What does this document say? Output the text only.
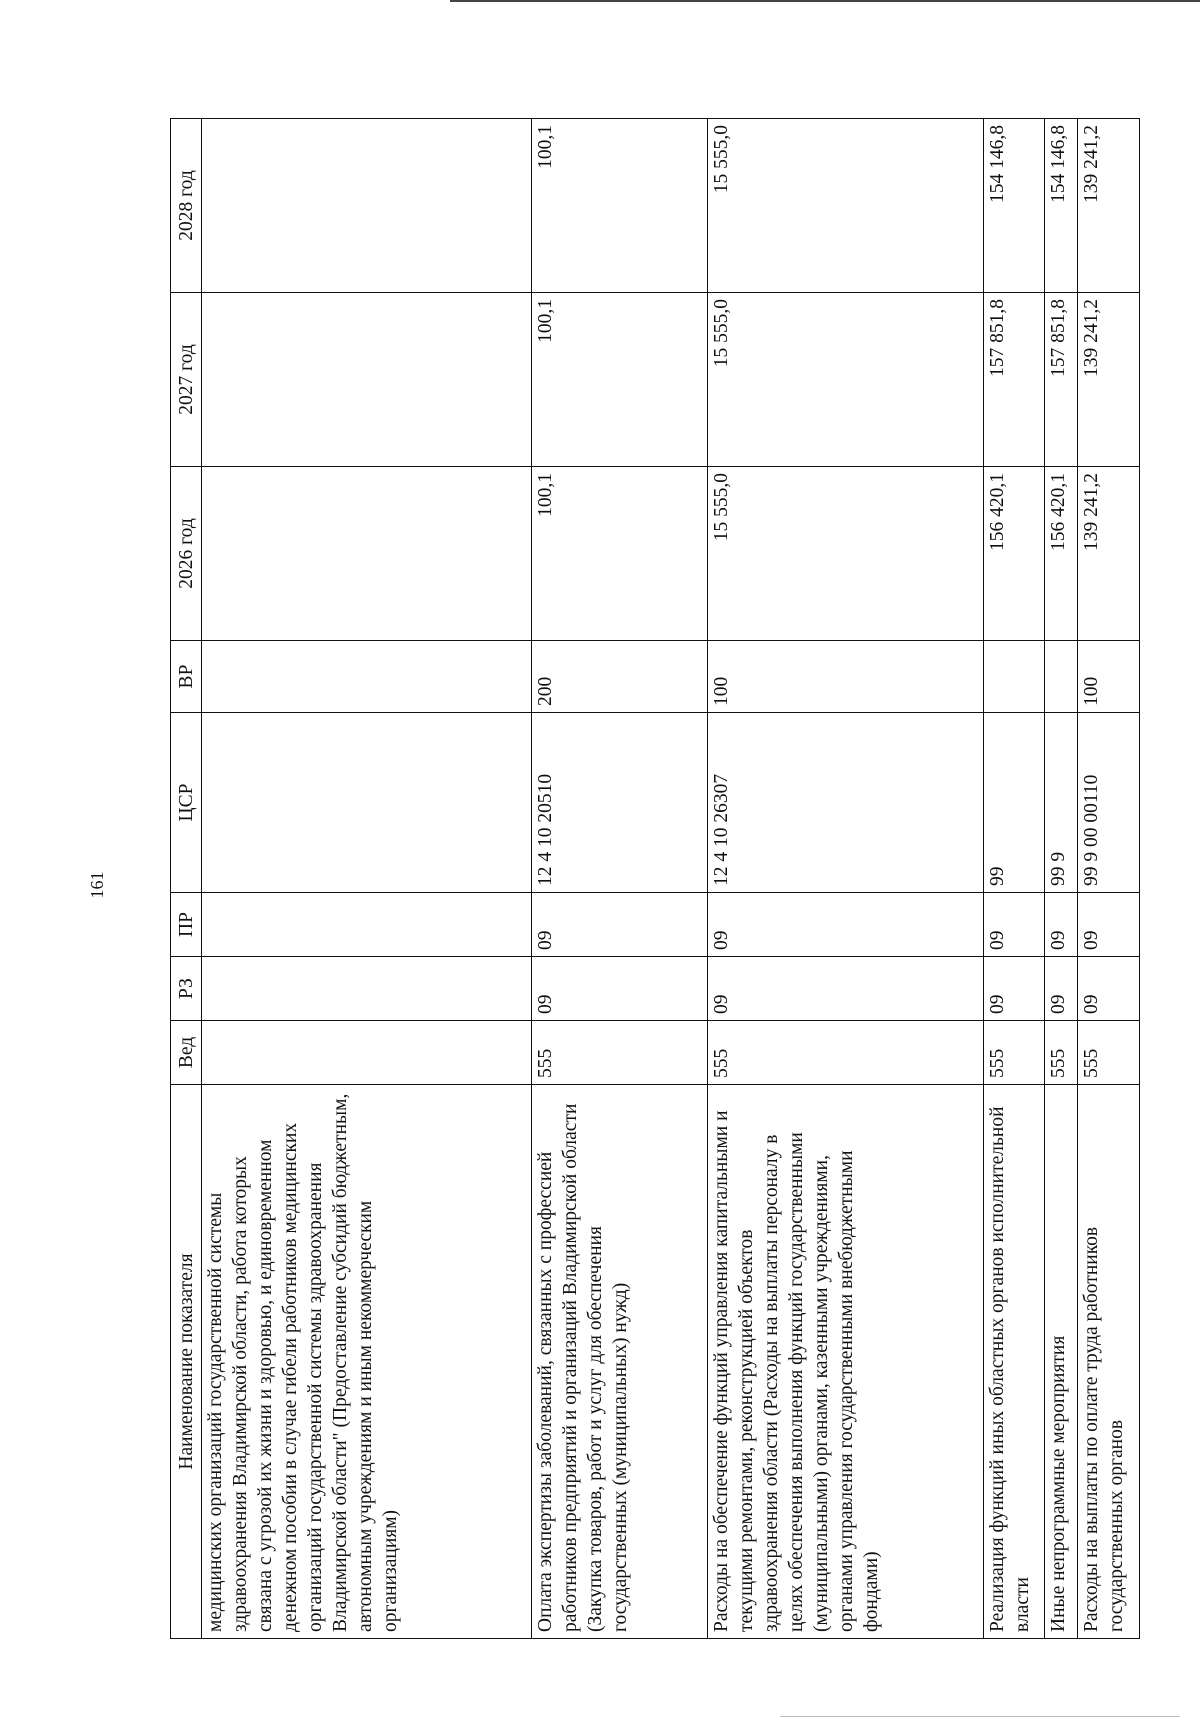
161
Наименование показателя	Вед	РЗ	ПР	ЦСР	ВР	2026 год	2027 год	2028 год
медицинских организаций государственной системы здравоохранения Владимирской области, работа которых связана с угрозой их жизни и здоровью, и единовременном денежном пособии в случае гибели работников медицинских организаций государственной системы здравоохранения Владимирской области" (Предоставление субсидий бюджетным, автономным учреждениям и иным некоммерческим организациям)								
Оплата экспертизы заболеваний, связанных с профессией работников предприятий и организаций Владимирской области (Закупка товаров, работ и услуг для обеспечения государственных (муниципальных) нужд)	555	09	09	12 4 10 20510	200	100,1	100,1	100,1
Расходы на обеспечение функций управления капитальными и текущими ремонтами, реконструкцией объектов здравоохранения области (Расходы на выплаты персоналу в целях обеспечения выполнения функций государственными (муниципальными) органами, казенными учреждениями, органами управления государственными внебюджетными фондами)	555	09	09	12 4 10 26307	100	15 555,0	15 555,0	15 555,0
Реализация функций иных областных органов исполнительной власти	555	09	09	99		156 420,1	157 851,8	154 146,8
Иные непрограммные мероприятия	555	09	09	99 9		156 420,1	157 851,8	154 146,8
Расходы на выплаты по оплате труда работников государственных органов	555	09	09	99 9 00 00110	100	139 241,2	139 241,2	139 241,2
